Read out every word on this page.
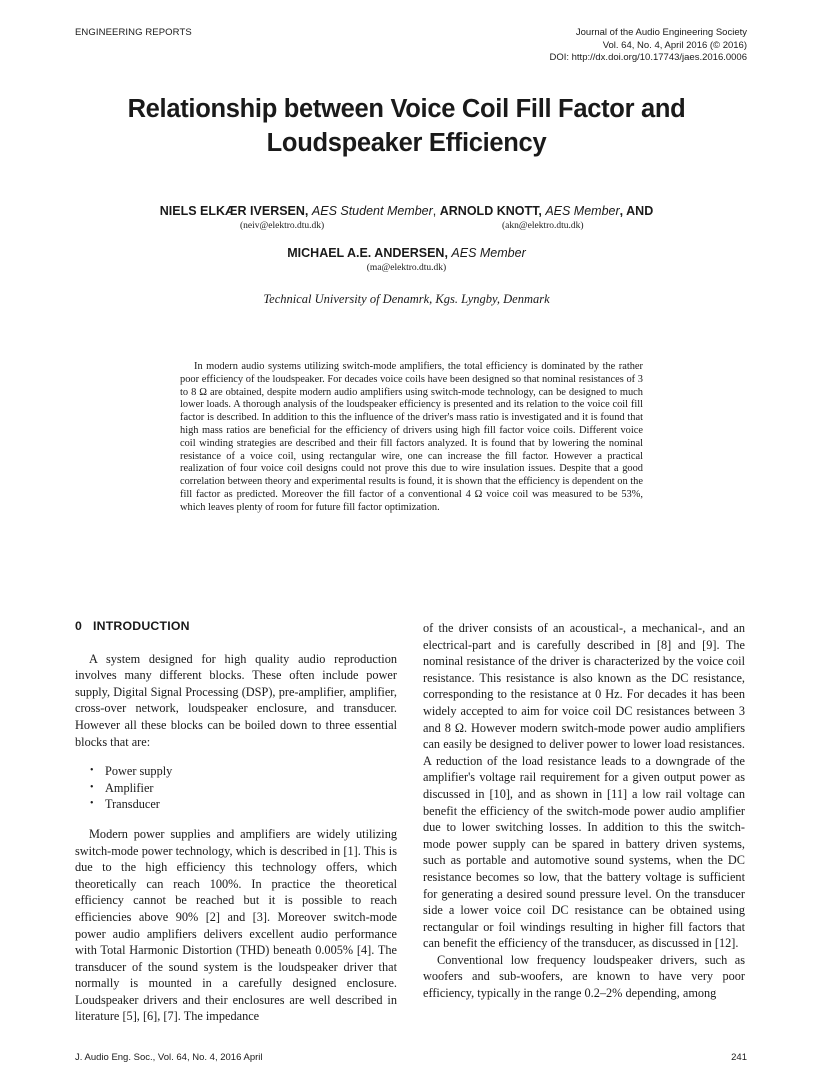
ENGINEERING REPORTS	Journal of the Audio Engineering Society
Vol. 64, No. 4, April 2016 (© 2016)
DOI: http://dx.doi.org/10.17743/jaes.2016.0006
Relationship between Voice Coil Fill Factor and
Loudspeaker Efficiency
NIELS ELKÆR IVERSEN, AES Student Member, ARNOLD KNOTT, AES Member, AND
(neiv@elektro.dtu.dk)	(akn@elektro.dtu.dk)
MICHAEL A.E. ANDERSEN, AES Member
(ma@elektro.dtu.dk)
Technical University of Denamrk, Kgs. Lyngby, Denmark
In modern audio systems utilizing switch-mode amplifiers, the total efficiency is dominated by the rather poor efficiency of the loudspeaker. For decades voice coils have been designed so that nominal resistances of 3 to 8 Ω are obtained, despite modern audio amplifiers using switch-mode technology, can be designed to much lower loads. A thorough analysis of the loudspeaker efficiency is presented and its relation to the voice coil fill factor is described. In addition to this the influence of the driver's mass ratio is investigated and it is found that high mass ratios are beneficial for the efficiency of drivers using high fill factor voice coils. Different voice coil winding strategies are described and their fill factors analyzed. It is found that by lowering the nominal resistance of a voice coil, using rectangular wire, one can increase the fill factor. However a practical realization of four voice coil designs could not prove this due to wire insulation issues. Despite that a good correlation between theory and experimental results is found, it is shown that the efficiency is dependent on the fill factor as predicted. Moreover the fill factor of a conventional 4 Ω voice coil was measured to be 53%, which leaves plenty of room for future fill factor optimization.
0 INTRODUCTION

A system designed for high quality audio reproduction involves many different blocks. These often include power supply, Digital Signal Processing (DSP), pre-amplifier, amplifier, cross-over network, loudspeaker enclosure, and transducer. However all these blocks can be boiled down to three essential blocks that are:

• Power supply
• Amplifier
• Transducer

Modern power supplies and amplifiers are widely utilizing switch-mode power technology, which is described in [1]. This is due to the high efficiency this technology offers, which theoretically can reach 100%. In practice the theoretical efficiency cannot be reached but it is possible to reach efficiencies above 90% [2] and [3]. Moreover switch-mode power audio amplifiers delivers excellent audio performance with Total Harmonic Distortion (THD) beneath 0.005% [4]. The transducer of the sound system is the loudspeaker driver that normally is mounted in a carefully designed enclosure. Loudspeaker drivers and their enclosures are well described in literature [5], [6], [7]. The impedance

of the driver consists of an acoustical-, a mechanical-, and an electrical-part and is carefully described in [8] and [9]. The nominal resistance of the driver is characterized by the voice coil resistance. This resistance is also known as the DC resistance, corresponding to the resistance at 0 Hz. For decades it has been widely accepted to aim for voice coil DC resistances between 3 and 8 Ω. However modern switch-mode power audio amplifiers can easily be designed to deliver power to lower load resistances. A reduction of the load resistance leads to a downgrade of the amplifier's voltage rail requirement for a given output power as discussed in [10], and as shown in [11] a low rail voltage can benefit the efficiency of the switch-mode power audio amplifier due to lower switching losses. In addition to this the switch-mode power supply can be spared in battery driven systems, such as portable and automotive sound systems, when the DC resistance becomes so low, that the battery voltage is sufficient for generating a desired sound pressure level. On the transducer side a lower voice coil DC resistance can be obtained using rectangular or foil windings resulting in higher fill factors that can benefit the efficiency of the transducer, as discussed in [12].

Conventional low frequency loudspeaker drivers, such as woofers and sub-woofers, are known to have very poor efficiency, typically in the range 0.2–2% depending, among

J. Audio Eng. Soc., Vol. 64, No. 4, 2016 April	241
